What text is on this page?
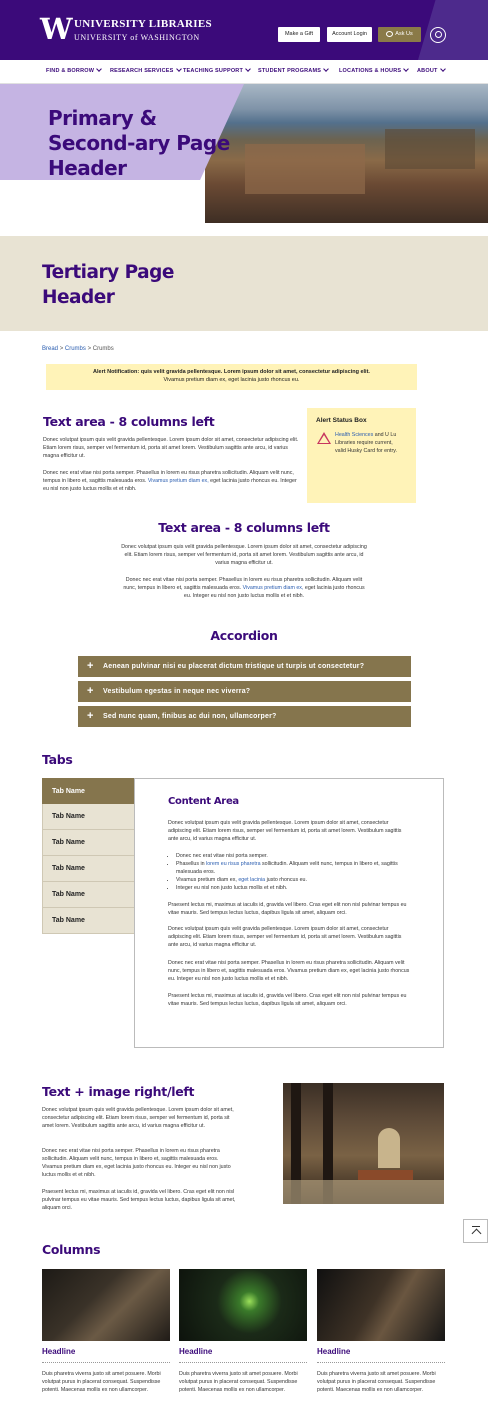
W UNIVERSITY LIBRARIES
UNIVERSITY of WASHINGTON	Make a Gift	Account Login	Ask Us
FIND & BORROW	RESEARCH SERVICES	TEACHING SUPPORT	STUDENT PROGRAMS	LOCATIONS & HOURS	ABOUT
Primary & Second-ary Page Header
Tertiary Page Header
Bread > Crumbs > Crumbs
Alert Notification: quis velit gravida pellentesque. Lorem ipsum dolor sit amet, consectetur adipiscing elit.
Vivamus pretium diam ex, eget lacinia justo rhoncus eu.
Text area - 8 columns left
Donec volutpat ipsum quis velit gravida pellentesque. Lorem ipsum dolor sit amet, consectetur adipiscing elit. Etiam lorem risus, semper vel fermentum id, porta sit amet lorem. Vestibulum sagittis ante arcu, id varius magna efficitur ut.
Donec nec erat vitae nisi porta semper. Phasellus in lorem eu risus pharetra sollicitudin. Aliquam velit nunc, tempus in libero et, sagittis malesuada eros. Vivamus pretium diam ex, eget lacinia justo rhoncus eu. Integer eu nisl non justo luctus mollis et et nibh.
Alert Status Box
Health Sciences and U Lu Libraries require current, valid Husky Card for entry.
Text area - 8 columns left
Donec volutpat ipsum quis velit gravida pellentesque. Lorem ipsum dolor sit amet, consectetur adipiscing elit. Etiam lorem risus, semper vel fermentum id, porta sit amet lorem. Vestibulum sagittis ante arcu, id varius magna efficitur ut.
Donec nec erat vitae nisi porta semper. Phasellus in lorem eu risus pharetra sollicitudin. Aliquam velit nunc, tempus in libero et, sagittis malesuada eros. Vivamus pretium diam ex, eget lacinia justo rhoncus eu. Integer eu nisl non justo luctus mollis et et nibh.
Accordion
+ Aenean pulvinar nisi eu placerat dictum tristique ut turpis ut consectetur?
+ Vestibulum egestas in neque nec viverra?
+ Sed nunc quam, finibus ac dui non, ullamcorper?
Tabs
Tab Name
Tab Name
Tab Name
Tab Name
Tab Name
Tab Name
Content Area
Donec volutpat ipsum quis velit gravida pellentesque. Lorem ipsum dolor sit amet, consectetur adipiscing elit. Etiam lorem risus, semper vel fermentum id, porta sit amet lorem. Vestibulum sagittis ante arcu, id varius magna efficitur ut.
• Donec nec erat vitae nisi porta semper.
• Phasellus in lorem eu risus pharetra sollicitudin. Aliquam velit nunc, tempus in libero et, sagittis malesuada eros.
• Vivamus pretium diam ex, eget lacinia justo rhoncus eu.
• Integer eu nisl non justo luctus mollis et et nibh.
Praesent lectus mi, maximus at iaculis id, gravida vel libero. Cras eget elit non nisl pulvinar tempus eu vitae mauris. Sed tempus lectus luctus, dapibus ligula sit amet, aliquam orci.
Donec volutpat ipsum quis velit gravida pellentesque. Lorem ipsum dolor sit amet, consectetur adipiscing elit. Etiam lorem risus, semper vel fermentum id, porta sit amet lorem. Vestibulum sagittis ante arcu, id varius magna efficitur ut.
Donec nec erat vitae nisi porta semper. Phasellus in lorem eu risus pharetra sollicitudin. Aliquam velit nunc, tempus in libero et, sagittis malesuada eros. Vivamus pretium diam ex, eget lacinia justo rhoncus eu. Integer eu nisl non justo luctus mollis et et nibh.
Praesent lectus mi, maximus at iaculis id, gravida vel libero. Cras eget elit non nisl pulvinar tempus eu vitae mauris. Sed tempus lectus luctus, dapibus ligula sit amet, aliquam orci.
Text + image right/left
Donec volutpat ipsum quis velit gravida pellentesque. Lorem ipsum dolor sit amet, consectetur adipiscing elit. Etiam lorem risus, semper vel fermentum id, porta sit amet lorem. Vestibulum sagittis ante arcu, id varius magna efficitur ut.
Donec nec erat vitae nisi porta semper. Phasellus in lorem eu risus pharetra sollicitudin. Aliquam velit nunc, tempus in libero et, sagittis malesuada eros. Vivamus pretium diam ex, eget lacinia justo rhoncus eu. Integer eu nisl non justo luctus mollis et et nibh.
Praesent lectus mi, maximus at iaculis id, gravida vel libero. Cras eget elit non nisl pulvinar tempus eu vitae mauris. Sed tempus lectus luctus, dapibus ligula sit amet, aliquam orci.
Columns
Headline	Headline	Headline
Duis pharetra viverra justo sit amet posuere. Morbi volutpat purus in placerat consequat. Suspendisse potenti. Maecenas mollis ex non ullamcorper.
Duis pharetra viverra justo sit amet posuere. Morbi volutpat purus in placerat consequat. Suspendisse potenti. Maecenas mollis ex non ullamcorper.
Duis pharetra viverra justo sit amet posuere. Morbi volutpat purus in placerat consequat. Suspendisse potenti. Maecenas mollis ex non ullamcorper.
